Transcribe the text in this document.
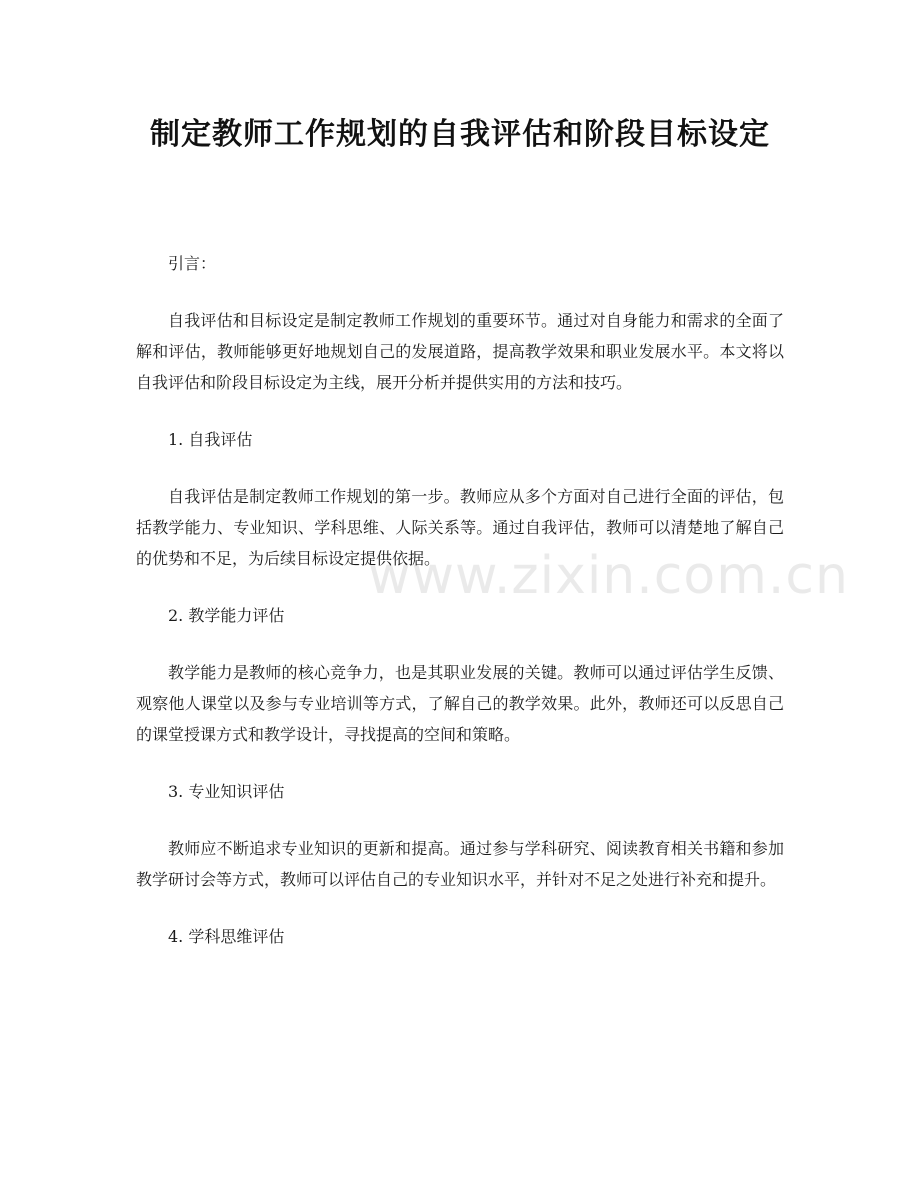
制定教师工作规划的自我评估和阶段目标设定

引言：

自我评估和目标设定是制定教师工作规划的重要环节。通过对自身能力和需求的全面了解和评估，教师能够更好地规划自己的发展道路，提高教学效果和职业发展水平。本文将以自我评估和阶段目标设定为主线，展开分析并提供实用的方法和技巧。

1. 自我评估

自我评估是制定教师工作规划的第一步。教师应从多个方面对自己进行全面的评估，包括教学能力、专业知识、学科思维、人际关系等。通过自我评估，教师可以清楚地了解自己的优势和不足，为后续目标设定提供依据。

2. 教学能力评估

教学能力是教师的核心竞争力，也是其职业发展的关键。教师可以通过评估学生反馈、观察他人课堂以及参与专业培训等方式，了解自己的教学效果。此外，教师还可以反思自己的课堂授课方式和教学设计，寻找提高的空间和策略。

3. 专业知识评估

教师应不断追求专业知识的更新和提高。通过参与学科研究、阅读教育相关书籍和参加教学研讨会等方式，教师可以评估自己的专业知识水平，并针对不足之处进行补充和提升。

4. 学科思维评估

www.zixin.com.cn
